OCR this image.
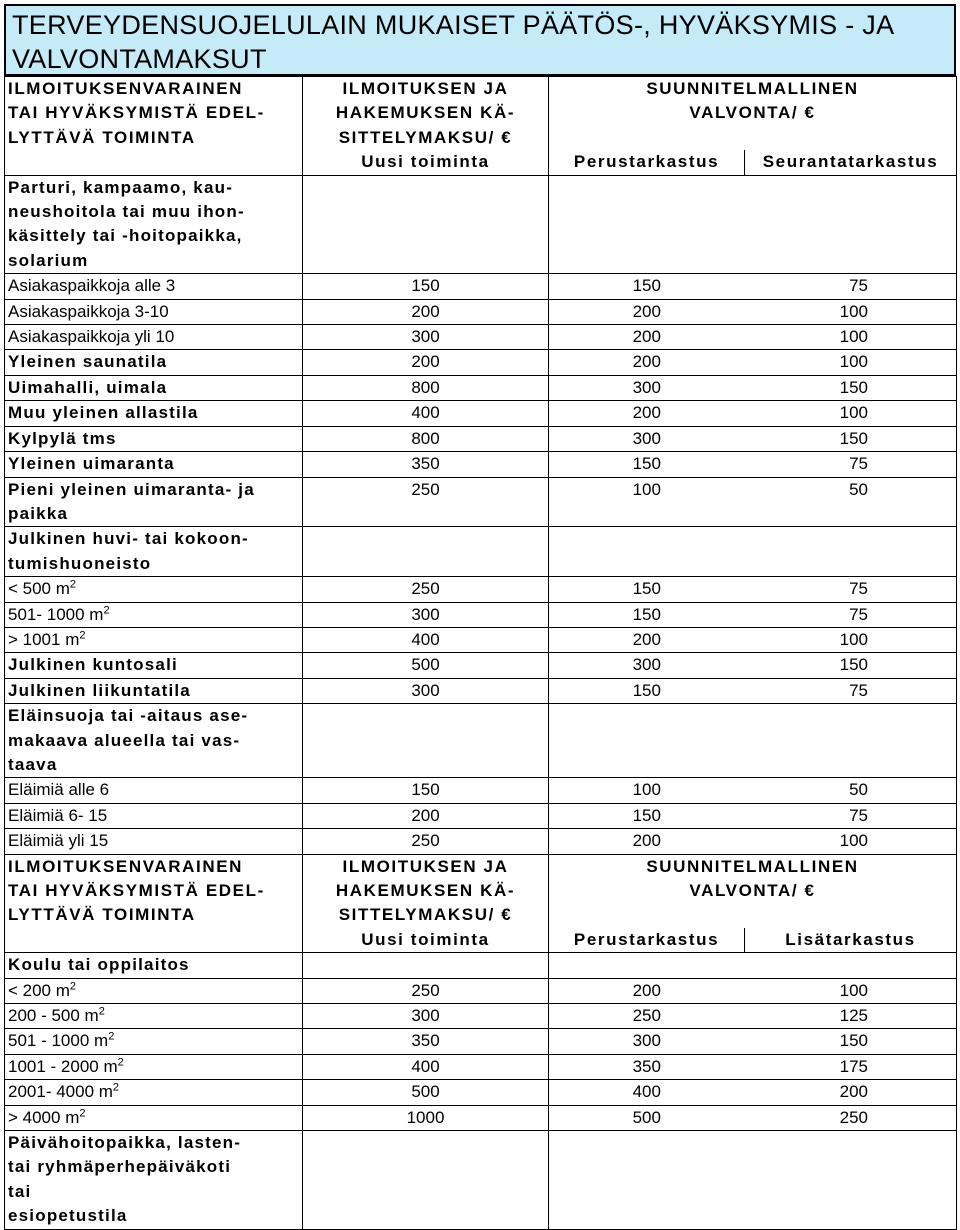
TERVEYDENSUOJELULAIN MUKAISET PÄÄTÖS-, HYVÄKSYMIS - JA VALVONTAMAKSUT
ILMOITUKSENVARAINEN
TAI HYVÄKSYMISTÄ EDEL-
LYTTÄVÄ TOIMINTA	ILMOITUKSEN JA
HAKEMUKSEN KÄ-
SITTELYMAKSU/ €	SUUNNITELMALLINEN
VALVONTA/ €	
	Uusi toiminta	Perustarkastus	Seurantatarkastus
Parturi, kampaamo, kau-
neushoitola tai muu ihon-
käsittely tai -hoitopaikka,
solarium			
Asiakaspaikkoja alle 3	150	150	75
Asiakaspaikkoja 3-10	200	200	100
Asiakaspaikkoja yli 10	300	200	100
Yleinen saunatila	200	200	100
Uimahalli, uimala	800	300	150
Muu yleinen allastila	400	200	100
Kylpylä tms	800	300	150
Yleinen uimaranta	350	150	75
Pieni yleinen uimaranta- ja
paikka	250	100	50
Julkinen huvi- tai kokoon-
tumishuoneisto			
< 500 $m^2$	250	150	75
501- 1000 $m^2$	300	150	75
> 1001 $m^2$	400	200	100
Julkinen kuntosali	500	300	150
Julkinen liikuntatila	300	150	75
Eläinsuoja tai -aitaus ase-
makaava alueella tai vas-
taava			
Eläimiä alle 6	150	100	50
Eläimiä 6- 15	200	150	75
Eläimiä yli 15	250	200	100
ILMOITUKSENVARAINEN
TAI HYVÄKSYMISTÄ EDEL-
LYTTÄVÄ TOIMINTA	ILMOITUKSEN JA
HAKEMUKSEN KÄ-
SITTELYMAKSU/ €	SUUNNITELMALLINEN
VALVONTA/ €	
	Uusi toiminta	Perustarkastus	Lisätarkastus
Koulu tai oppilaitos			
< 200 $m^2$	250	200	100
200 - 500 $m^2$	300	250	125
501 - 1000 $m^2$	350	300	150
1001 - 2000 $m^2$	400	350	175
2001- 4000 $m^2$	500	400	200
> 4000 $m^2$	1000	500	250
Päivähoitopaikka, lasten-
tai ryhmäperhepäiväkoti
tai
esiopetustila			
